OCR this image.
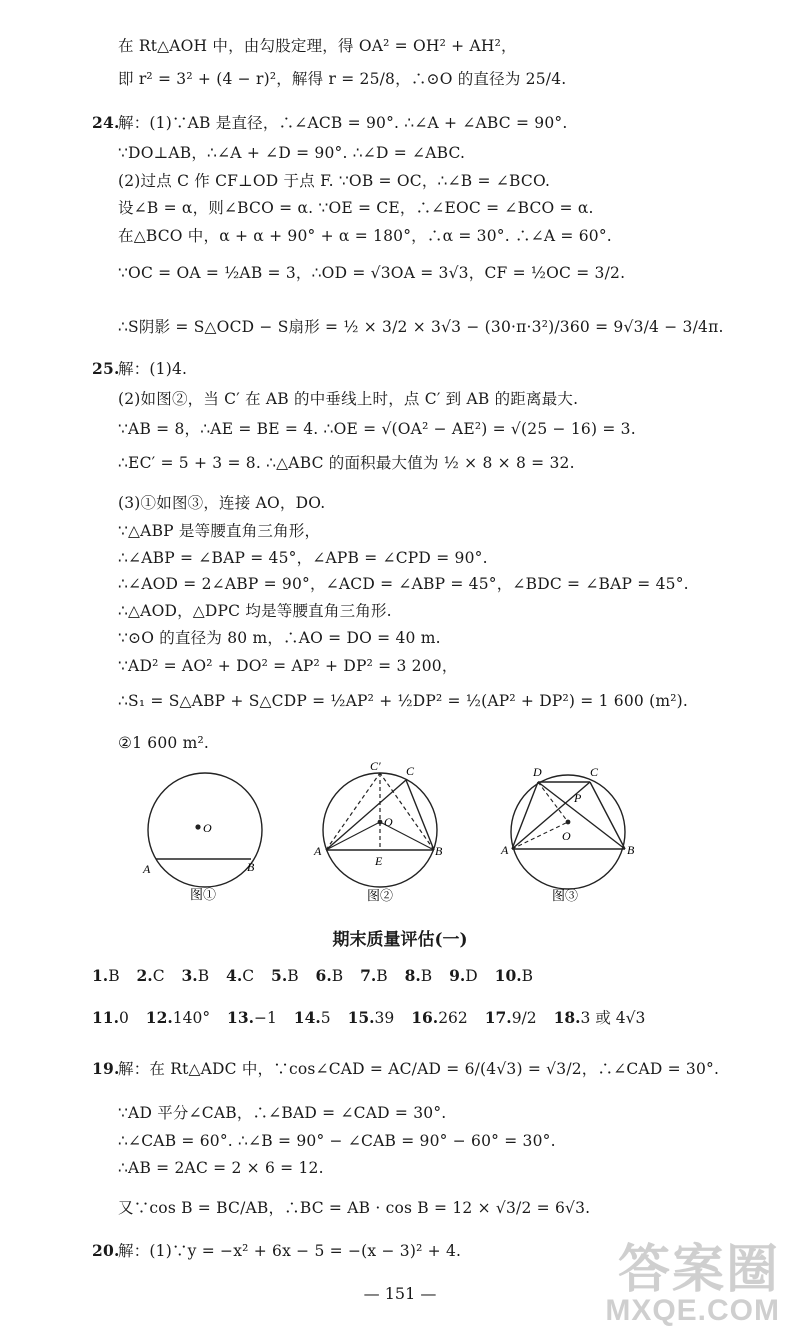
在 Rt△AOH 中，由勾股定理，得 OA² = OH² + AH²，
即 r² = 3² + (4 − r)²，解得 r = 25/8，∴⊙O 的直径为 25/4.
24.
解：(1)∵AB 是直径，∴∠ACB = 90°. ∴∠A + ∠ABC = 90°.
∵DO⊥AB，∴∠A + ∠D = 90°. ∴∠D = ∠ABC.
(2)过点 C 作 CF⊥OD 于点 F. ∵OB = OC，∴∠B = ∠BCO.
设∠B = α，则∠BCO = α. ∵OE = CE，∴∠EOC = ∠BCO = α.
在△BCO 中，α + α + 90° + α = 180°，∴α = 30°. ∴∠A = 60°.
∵OC = OA = ½AB = 3，∴OD = √3OA = 3√3，CF = ½OC = 3/2.
∴S阴影 = S△OCD − S扇形 = ½ × 3/2 × 3√3 − (30·π·3²)/360 = 9√3/4 − 3/4π.
25.
解：(1)4.
(2)如图②，当 C′ 在 AB 的中垂线上时，点 C′ 到 AB 的距离最大.
∵AB = 8，∴AE = BE = 4. ∴OE = √(OA² − AE²) = √(25 − 16) = 3.
∴EC′ = 5 + 3 = 8. ∴△ABC 的面积最大值为 ½ × 8 × 8 = 32.
(3)①如图③，连接 AO，DO.
∵△ABP 是等腰直角三角形，
∴∠ABP = ∠BAP = 45°，∠APB = ∠CPD = 90°.
∴∠AOD = 2∠ABP = 90°，∠ACD = ∠ABP = 45°，∠BDC = ∠BAP = 45°.
∴△AOD，△DPC 均是等腰直角三角形.
∵⊙O 的直径为 80 m，∴AO = DO = 40 m.
∵AD² = AO² + DO² = AP² + DP² = 3 200，
∴S₁ = S△ABP + S△CDP = ½AP² + ½DP² = ½(AP² + DP²) = 1 600 (m²).
②1 600 m².
O
A	B
图①
C′ C
O
A	B
E
图②
D	C
P
O
A	B
图③
期末质量评估(一)
1.B 2.C 3.B 4.C 5.B 6.B 7.B 8.B 9.D 10.B
11.0 12.140° 13.−1 14.5 15.39 16.262 17.9/2 18.3 或 4√3
19.
解：在 Rt△ADC 中，∵cos∠CAD = AC/AD = 6/(4√3) = √3/2，∴∠CAD = 30°.
∵AD 平分∠CAB，∴∠BAD = ∠CAD = 30°.
∴∠CAB = 60°. ∴∠B = 90° − ∠CAB = 90° − 60° = 30°.
∴AB = 2AC = 2 × 6 = 12.
又∵cos B = BC/AB，∴BC = AB · cos B = 12 × √3/2 = 6√3.
20.
解：(1)∵y = −x² + 6x − 5 = −(x − 3)² + 4.
— 151 —	答案圈
MXQE.COM
